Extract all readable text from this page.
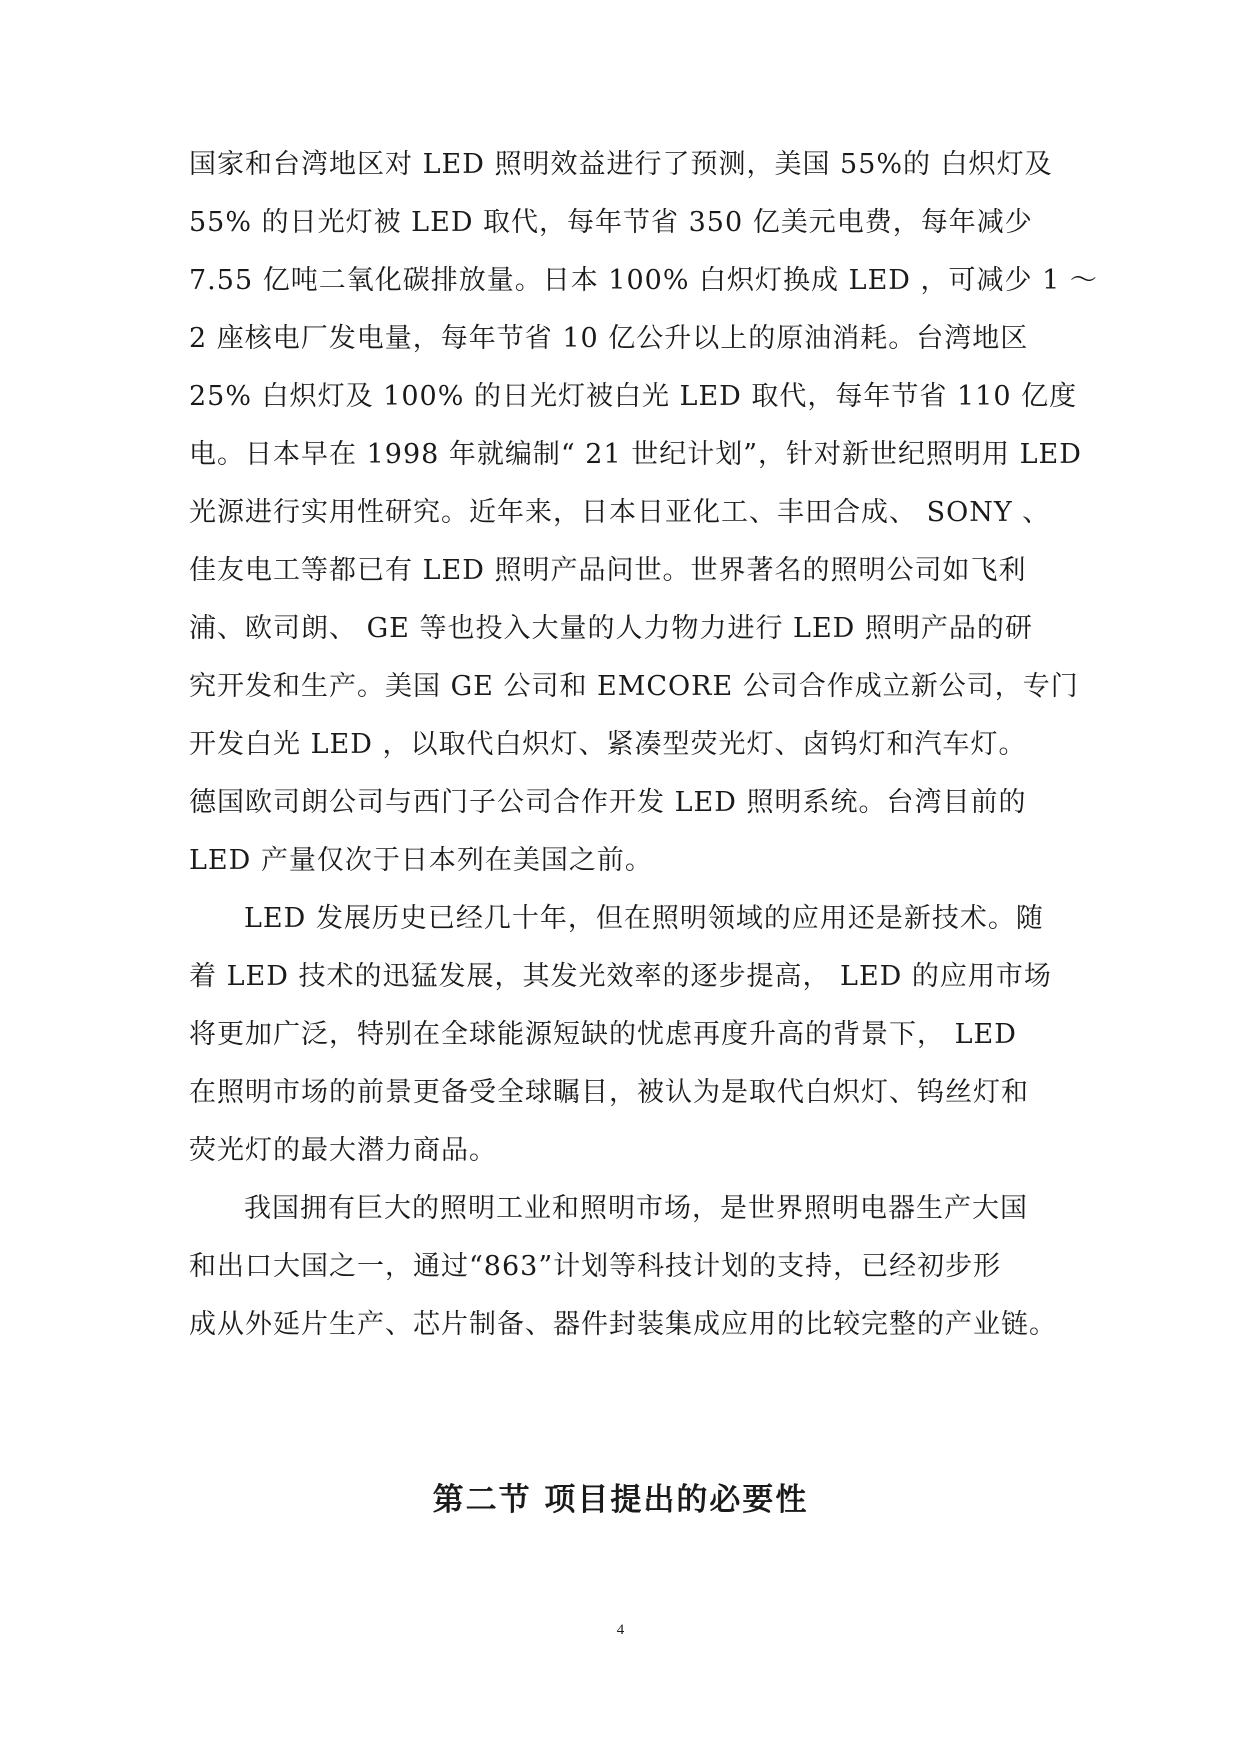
国家和台湾地区对 LED 照明效益进行了预测，美国 55%的 白炽灯及
55% 的日光灯被 LED 取代，每年节省 350 亿美元电费，每年减少
7.55 亿吨二氧化碳排放量。日本 100% 白炽灯换成 LED ，可减少 1 ～
2 座核电厂发电量，每年节省 10 亿公升以上的原油消耗。台湾地区
25% 白炽灯及 100% 的日光灯被白光 LED 取代，每年节省 110 亿度
电。日本早在 1998 年就编制“ 21 世纪计划”，针对新世纪照明用 LED
光源进行实用性研究。近年来，日本日亚化工、丰田合成、 SONY 、
佳友电工等都已有 LED 照明产品问世。世界著名的照明公司如飞利
浦、欧司朗、 GE 等也投入大量的人力物力进行 LED 照明产品的研
究开发和生产。美国 GE 公司和 EMCORE 公司合作成立新公司，专门
开发白光 LED ，以取代白炽灯、紧凑型荧光灯、卤钨灯和汽车灯。
德国欧司朗公司与西门子公司合作开发 LED 照明系统。台湾目前的
LED 产量仅次于日本列在美国之前。
LED 发展历史已经几十年，但在照明领域的应用还是新技术。随
着 LED 技术的迅猛发展，其发光效率的逐步提高， LED 的应用市场
将更加广泛，特别在全球能源短缺的忧虑再度升高的背景下， LED
在照明市场的前景更备受全球瞩目，被认为是取代白炽灯、钨丝灯和
荧光灯的最大潜力商品。
我国拥有巨大的照明工业和照明市场，是世界照明电器生产大国
和出口大国之一，通过“863”计划等科技计划的支持，已经初步形
成从外延片生产、芯片制备、器件封装集成应用的比较完整的产业链。
第二节 项目提出的必要性
4
